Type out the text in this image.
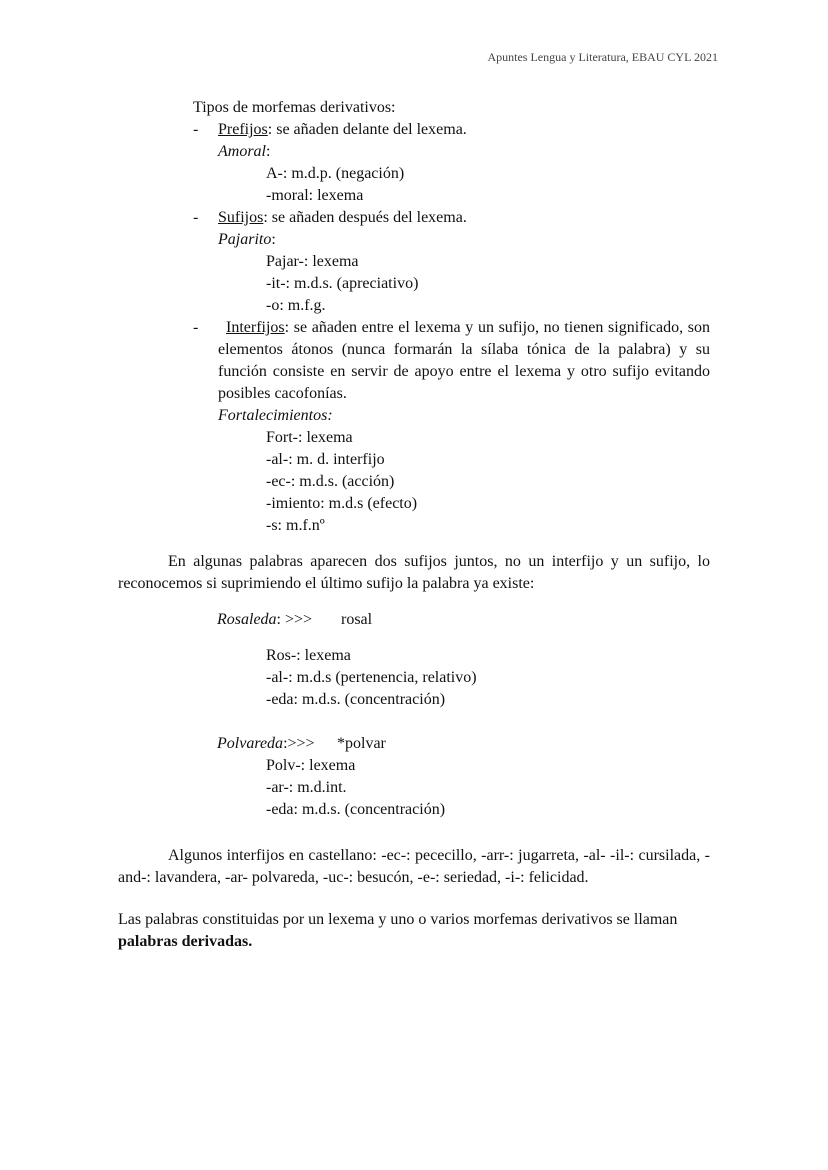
Apuntes Lengua y Literatura, EBAU CYL 2021
Tipos de morfemas derivativos:
- Prefijos: se añaden delante del lexema.
Amoral:
A-: m.d.p. (negación)
-moral: lexema
- Sufijos: se añaden después del lexema.
Pajarito:
Pajar-: lexema
-it-: m.d.s. (apreciativo)
-o: m.f.g.
-	Interfijos: se añaden entre el lexema y un sufijo, no tienen significado, son elementos átonos (nunca formarán la sílaba tónica de la palabra) y su función consiste en servir de apoyo entre el lexema y otro sufijo evitando posibles cacofonías.
Fortalecimientos:
Fort-: lexema
-al-: m. d. interfijo
-ec-: m.d.s. (acción)
-imiento: m.d.s (efecto)
-s: m.f.nº
En algunas palabras aparecen dos sufijos juntos, no un interfijo y un sufijo, lo reconocemos si suprimiendo el último sufijo la palabra ya existe:
Rosaleda: >>> rosal
Ros-: lexema
-al-: m.d.s (pertenencia, relativo)
-eda: m.d.s. (concentración)
Polvareda:>>> *polvar
Polv-: lexema
-ar-: m.d.int.
-eda: m.d.s. (concentración)
Algunos interfijos en castellano: -ec-: pececillo, -arr-: jugarreta, -al- -il-: cursilada, -and-: lavandera, -ar- polvareda, -uc-: besucón, -e-: seriedad, -i-: felicidad.
Las palabras constituidas por un lexema y uno o varios morfemas derivativos se llaman
palabras derivadas.
